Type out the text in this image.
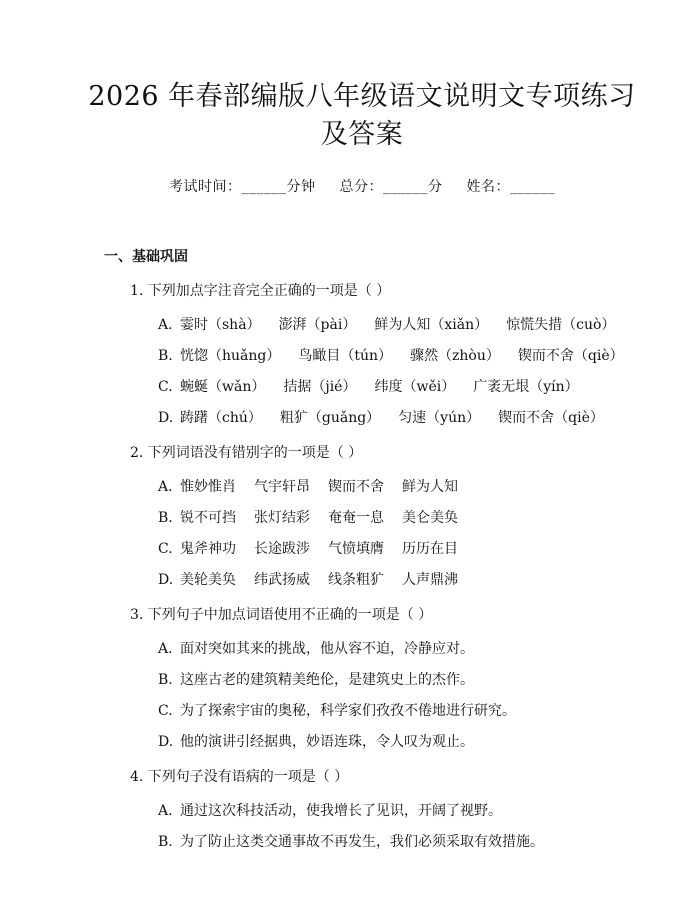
2026 年春部编版八年级语文说明文专项练习
及答案
考试时间：______分钟 总分：______分 姓名：______
一、基础巩固
1. 下列加点字注音完全正确的一项是（ ）
A. 霎时（shà） 澎湃（pài） 鲜为人知（xiǎn） 惊慌失措（cuò）
B. 恍惚（huǎng） 鸟瞰目（tún） 骤然（zhòu） 锲而不舍（qiè）
C. 蜿蜒（wǎn） 拮据（jié） 纬度（wěi） 广袤无垠（yín）
D. 踌躇（chú） 粗犷（guǎng） 匀速（yún） 锲而不舍（qiè）
2. 下列词语没有错别字的一项是（ ）
A. 惟妙惟肖 气宇轩昂 锲而不舍 鲜为人知
B. 锐不可挡 张灯结彩 奄奄一息 美仑美奂
C. 鬼斧神功 长途跋涉 气愤填膺 历历在目
D. 美轮美奂 纬武扬威 线条粗犷 人声鼎沸
3. 下列句子中加点词语使用不正确的一项是（ ）
A. 面对突如其来的挑战，他从容不迫，冷静应对。
B. 这座古老的建筑精美绝伦，是建筑史上的杰作。
C. 为了探索宇宙的奥秘，科学家们孜孜不倦地进行研究。
D. 他的演讲引经据典，妙语连珠，令人叹为观止。
4. 下列句子没有语病的一项是（ ）
A. 通过这次科技活动，使我增长了见识，开阔了视野。
B. 为了防止这类交通事故不再发生，我们必须采取有效措施。
